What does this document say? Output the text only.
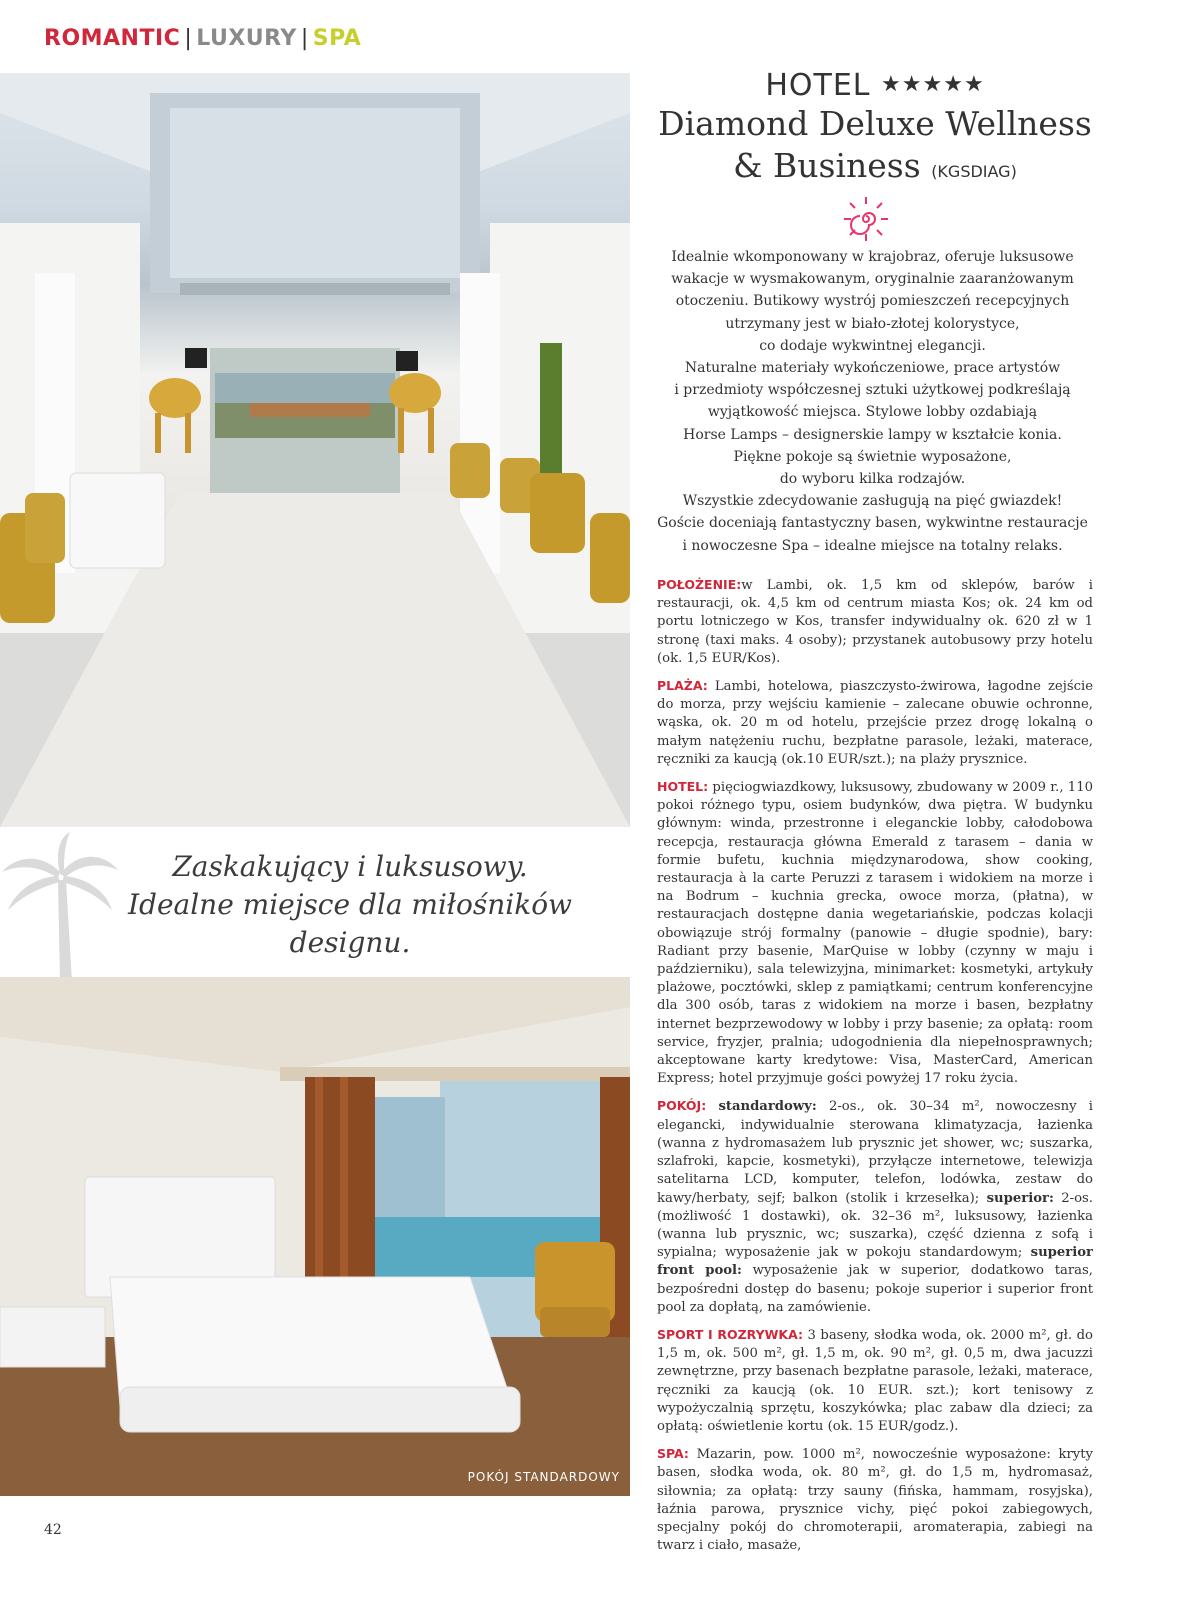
ROMANTIC | LUXURY | SPA
Zaskakujący i luksusowy.
Idealne miejsce dla miłośników
designu.
POKÓJ STANDARDOWY
HOTEL ★★★★★
Diamond Deluxe Wellness
& Business (KGSDIAG)
Idealnie wkomponowany w krajobraz, oferuje luksusowe
wakacje w wysmakowanym, oryginalnie zaaranżowanym
otoczeniu. Butikowy wystrój pomieszczeń recepcyjnych
utrzymany jest w biało-złotej kolorystyce,
co dodaje wykwintnej elegancji.
Naturalne materiały wykończeniowe, prace artystów
i przedmioty współczesnej sztuki użytkowej podkreślają
wyjątkowość miejsca. Stylowe lobby ozdabiają
Horse Lamps – designerskie lampy w kształcie konia.
Piękne pokoje są świetnie wyposażone,
do wyboru kilka rodzajów.
Wszystkie zdecydowanie zasługują na pięć gwiazdek!
Goście doceniają fantastyczny basen, wykwintne restauracje
i nowoczesne Spa – idealne miejsce na totalny relaks.

POŁOŻENIE:w Lambi, ok. 1,5 km od sklepów, barów i restauracji, ok. 4,5 km od centrum miasta Kos; ok. 24 km od portu lotniczego w Kos, transfer indywidualny ok. 620 zł w 1 stronę (taxi maks. 4 osoby); przystanek autobusowy przy hotelu (ok. 1,5 EUR/Kos).

PLAŻA: Lambi, hotelowa, piaszczysto-żwirowa, łagodne zejście do morza, przy wejściu kamienie – zalecane obuwie ochronne, wąska, ok. 20 m od hotelu, przejście przez drogę lokalną o małym natężeniu ruchu, bezpłatne parasole, leżaki, materace, ręczniki za kaucją (ok.10 EUR/szt.); na plaży prysznice.

HOTEL: pięciogwiazdkowy, luksusowy, zbudowany w 2009 r., 110 pokoi różnego typu, osiem budynków, dwa piętra. W budynku głównym: winda, przestronne i eleganckie lobby, całodobowa recepcja, restauracja główna Emerald z tarasem – dania w formie bufetu, kuchnia międzynarodowa, show cooking, restauracja à la carte Peruzzi z tarasem i widokiem na morze i na Bodrum – kuchnia grecka, owoce morza, (płatna), w restauracjach dostępne dania wegetariańskie, podczas kolacji obowiązuje strój formalny (panowie – długie spodnie), bary: Radiant przy basenie, MarQuise w lobby (czynny w maju i październiku), sala telewizyjna, minimarket: kosmetyki, artykuły plażowe, pocztówki, sklep z pamiątkami; centrum konferencyjne dla 300 osób, taras z widokiem na morze i basen, bezpłatny internet bezprzewodowy w lobby i przy basenie; za opłatą: room service, fryzjer, pralnia; udogodnienia dla niepełnosprawnych; akceptowane karty kredytowe: Visa, MasterCard, American Express; hotel przyjmuje gości powyżej 17 roku życia.

POKÓJ: standardowy: 2-os., ok. 30–34 m², nowoczesny i elegancki, indywidualnie sterowana klimatyzacja, łazienka (wanna z hydromasażem lub prysznic jet shower, wc; suszarka, szlafroki, kapcie, kosmetyki), przyłącze internetowe, telewizja satelitarna LCD, komputer, telefon, lodówka, zestaw do kawy/herbaty, sejf; balkon (stolik i krzesełka); superior: 2-os. (możliwość 1 dostawki), ok. 32–36 m², luksusowy, łazienka (wanna lub prysznic, wc; suszarka), część dzienna z sofą i sypialna; wyposażenie jak w pokoju standardowym; superior front pool: wyposażenie jak w superior, dodatkowo taras, bezpośredni dostęp do basenu; pokoje superior i superior front pool za dopłatą, na zamówienie.

SPORT I ROZRYWKA: 3 baseny, słodka woda, ok. 2000 m², gł. do 1,5 m, ok. 500 m², gł. 1,5 m, ok. 90 m², gł. 0,5 m, dwa jacuzzi zewnętrzne, przy basenach bezpłatne parasole, leżaki, materace, ręczniki za kaucją (ok. 10 EUR. szt.); kort tenisowy z wypożyczalnią sprzętu, koszykówka; plac zabaw dla dzieci; za opłatą: oświetlenie kortu (ok. 15 EUR/godz.).

SPA: Mazarin, pow. 1000 m², nowocześnie wyposażone: kryty basen, słodka woda, ok. 80 m², gł. do 1,5 m, hydromasaż, siłownia; za opłatą: trzy sauny (fińska, hammam, rosyjska), łaźnia parowa, prysznice vichy, pięć pokoi zabiegowych, specjalny pokój do chromoterapii, aromaterapia, zabiegi na twarz i ciało, masaże,

42
